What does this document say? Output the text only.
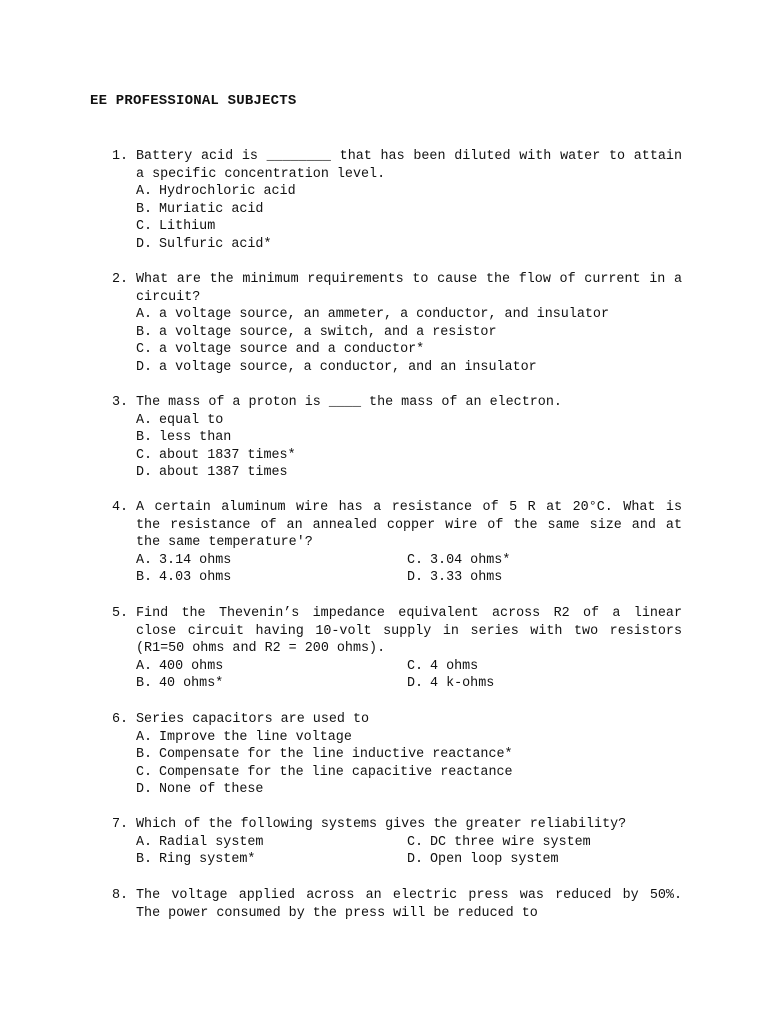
EE PROFESSIONAL SUBJECTS
1. Battery acid is ________ that has been diluted with water to attain a specific concentration level.
A. Hydrochloric acid
B. Muriatic acid
C. Lithium
D. Sulfuric acid*
2. What are the minimum requirements to cause the flow of current in a circuit?
A. a voltage source, an ammeter, a conductor, and insulator
B. a voltage source, a switch, and a resistor
C. a voltage source and a conductor*
D. a voltage source, a conductor, and an insulator
3. The mass of a proton is ____ the mass of an electron.
A. equal to
B. less than
C. about 1837 times*
D. about 1387 times
4. A certain aluminum wire has a resistance of 5 R at 20°C. What is the resistance of an annealed copper wire of the same size and at the same temperature'?
A. 3.14 ohms	C. 3.04 ohms*
B. 4.03 ohms	D. 3.33 ohms
5. Find the Thevenin’s impedance equivalent across R2 of a linear close circuit having 10-volt supply in series with two resistors (R1=50 ohms and R2 = 200 ohms).
A. 400 ohms	C. 4 ohms
B. 40 ohms*	D. 4 k-ohms
6. Series capacitors are used to
A. Improve the line voltage
B. Compensate for the line inductive reactance*
C. Compensate for the line capacitive reactance
D. None of these
7. Which of the following systems gives the greater reliability?
A. Radial system	C. DC three wire system
B. Ring system*	D. Open loop system
8. The voltage applied across an electric press was reduced by 50%. The power consumed by the press will be reduced to
